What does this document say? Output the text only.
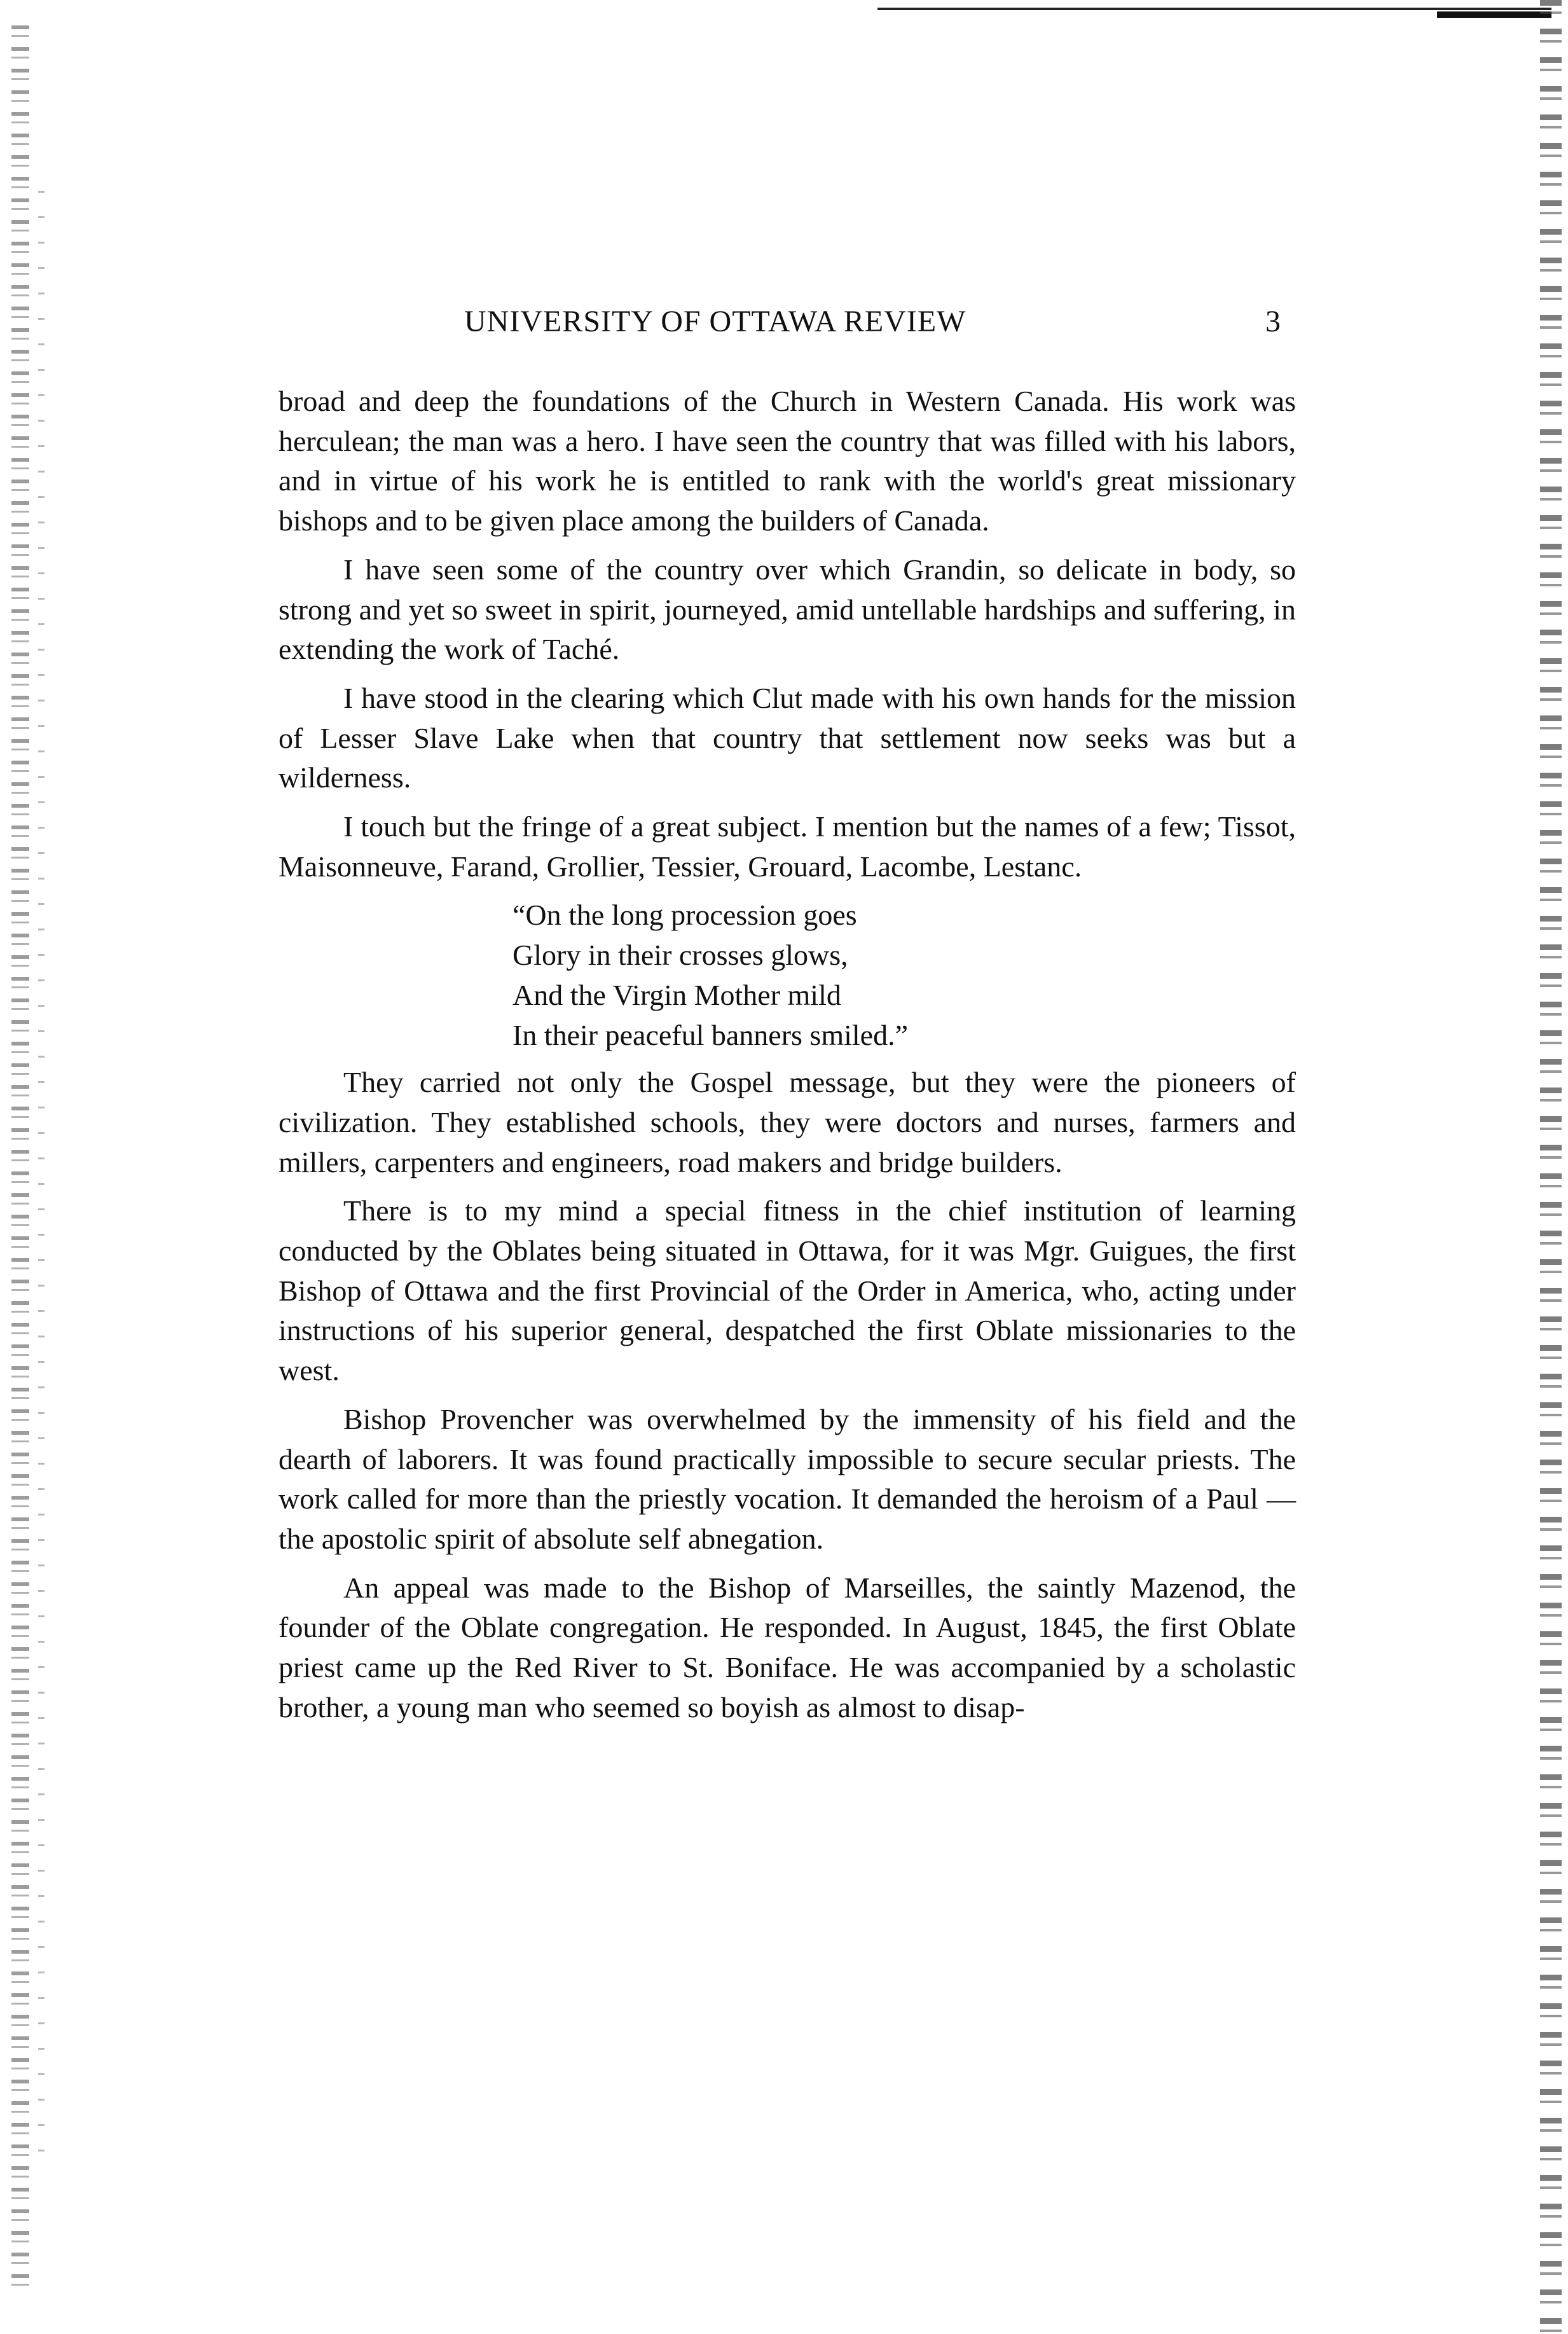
UNIVERSITY OF OTTAWA REVIEW	3

broad and deep the foundations of the Church in Western Canada. His work was herculean; the man was a hero. I have seen the country that was filled with his labors, and in virtue of his work he is entitled to rank with the world's great missionary bishops and to be given place among the builders of Canada.

I have seen some of the country over which Grandin, so delicate in body, so strong and yet so sweet in spirit, journeyed, amid untellable hardships and suffering, in extending the work of Taché.

I have stood in the clearing which Clut made with his own hands for the mission of Lesser Slave Lake when that country that settlement now seeks was but a wilderness.

I touch but the fringe of a great subject. I mention but the names of a few; Tissot, Maisonneuve, Farand, Grollier, Tessier, Grouard, Lacombe, Lestanc.

“On the long procession goes
Glory in their crosses glows,
And the Virgin Mother mild
In their peaceful banners smiled.”

They carried not only the Gospel message, but they were the pioneers of civilization. They established schools, they were doctors and nurses, farmers and millers, carpenters and engineers, road makers and bridge builders.

There is to my mind a special fitness in the chief institution of learning conducted by the Oblates being situated in Ottawa, for it was Mgr. Guigues, the first Bishop of Ottawa and the first Provincial of the Order in America, who, acting under instructions of his superior general, despatched the first Oblate missionaries to the west.

Bishop Provencher was overwhelmed by the immensity of his field and the dearth of laborers. It was found practically impossible to secure secular priests. The work called for more than the priestly vocation. It demanded the heroism of a Paul —the apostolic spirit of absolute self abnegation.

An appeal was made to the Bishop of Marseilles, the saintly Mazenod, the founder of the Oblate congregation. He responded. In August, 1845, the first Oblate priest came up the Red River to St. Boniface. He was accompanied by a scholastic brother, a young man who seemed so boyish as almost to disap-
